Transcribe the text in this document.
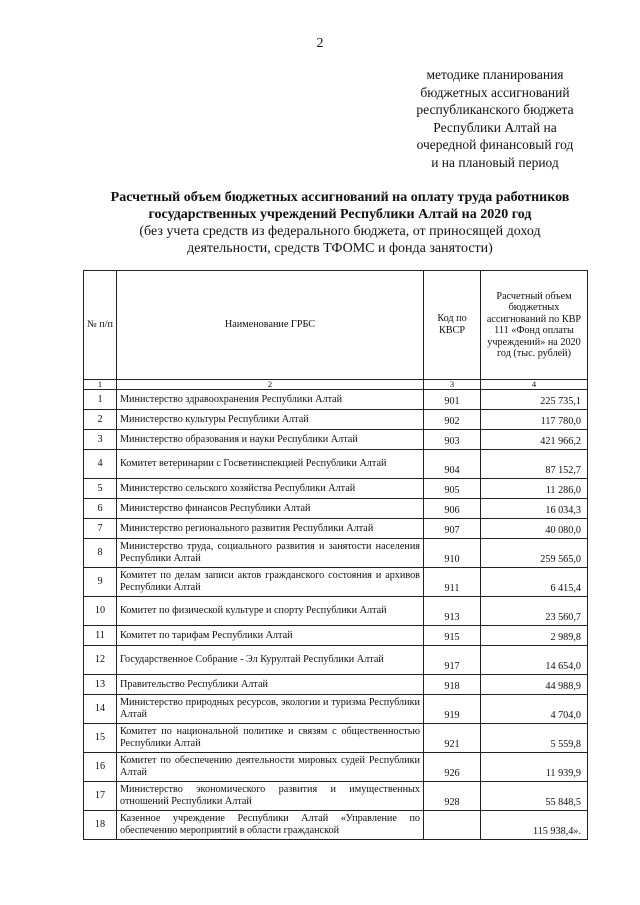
2
методике планирования
бюджетных ассигнований
республиканского бюджета
Республики Алтай на
очередной финансовый год
и на плановый период
Расчетный объем бюджетных ассигнований на оплату труда работников
государственных учреждений Республики Алтай на 2020 год
(без учета средств из федерального бюджета, от приносящей доход
деятельности, средств ТФОМС и фонда занятости)
№ п/п	Наименование ГРБС	Код по КВСР	Расчетный объем бюджетных ассигнований по КВР 111 «Фонд оплаты учреждений» на 2020 год (тыс. рублей)
1	2	3	4
1	Министерство здравоохранения Республики Алтай	901	225 735,1
2	Министерство культуры Республики Алтай	902	117 780,0
3	Министерство образования и науки Республики Алтай	903	421 966,2
4	Комитет ветеринарии с Госветинспекцией Республики Алтай	904	87 152,7
5	Министерство сельского хозяйства Республики Алтай	905	11 286,0
6	Министерство финансов Республики Алтай	906	16 034,3
7	Министерство регионального развития Республики Алтай	907	40 080,0
8	Министерство труда, социального развития и занятости населения Республики Алтай	910	259 565,0
9	Комитет по делам записи актов гражданского состояния и архивов Республики Алтай	911	6 415,4
10	Комитет по физической культуре и спорту Республики Алтай	913	23 560,7
11	Комитет по тарифам Республики Алтай	915	2 989,8
12	Государственное Собрание - Эл Курултай Республики Алтай	917	14 654,0
13	Правительство Республики Алтай	918	44 988,9
14	Министерство природных ресурсов, экологии и туризма Республики Алтай	919	4 704,0
15	Комитет по национальной политике и связям с общественностью Республики Алтай	921	5 559,8
16	Комитет по обеспечению деятельности мировых судей Республики Алтай	926	11 939,9
17	Министерство экономического развития и имущественных отношений Республики Алтай	928	55 848,5
18	Казенное учреждение Республики Алтай «Управление по обеспечению мероприятий в области гражданской		115 938,4».
